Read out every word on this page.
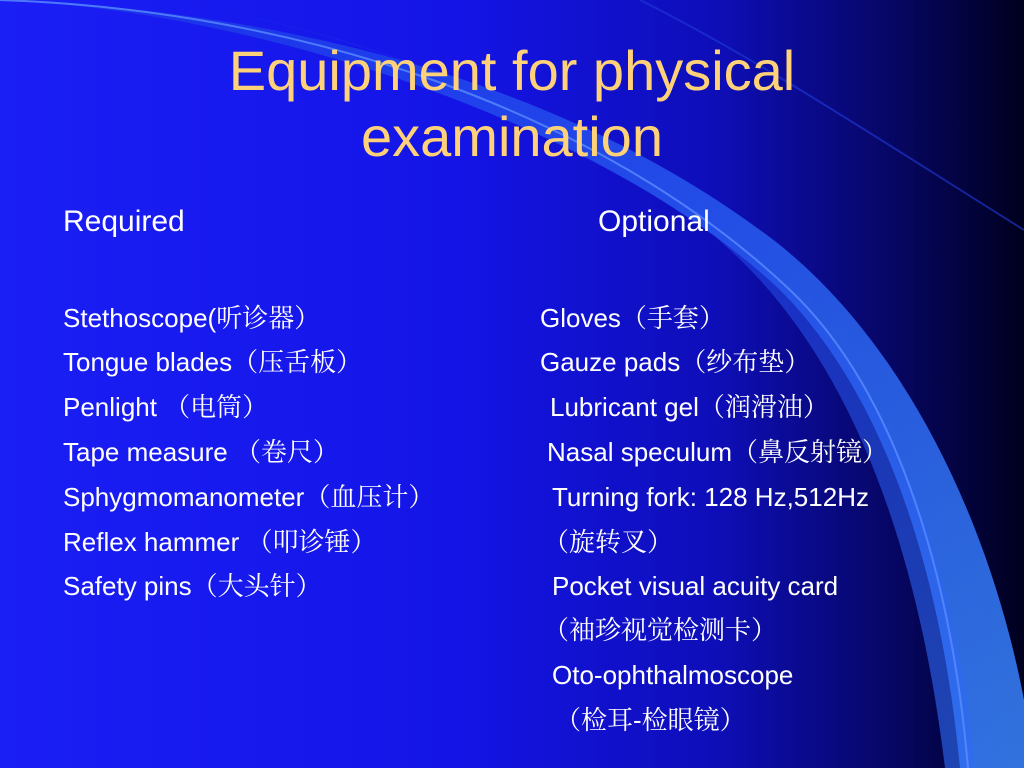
Equipment for physical
examination
Required	Optional
Stethoscope(听诊器）
Tongue blades（压舌板）
Penlight （电筒）
Tape measure （卷尺）
Sphygmomanometer（血压计）
Reflex hammer （叩诊锤）
Safety pins（大头针）
Gloves（手套）
Gauze pads（纱布垫）
Lubricant gel（润滑油）
Nasal speculum（鼻反射镜）
Turning fork: 128 Hz,512Hz
（旋转叉）
Pocket visual acuity card
（袖珍视觉检测卡）
Oto-ophthalmoscope
（检耳-检眼镜）
